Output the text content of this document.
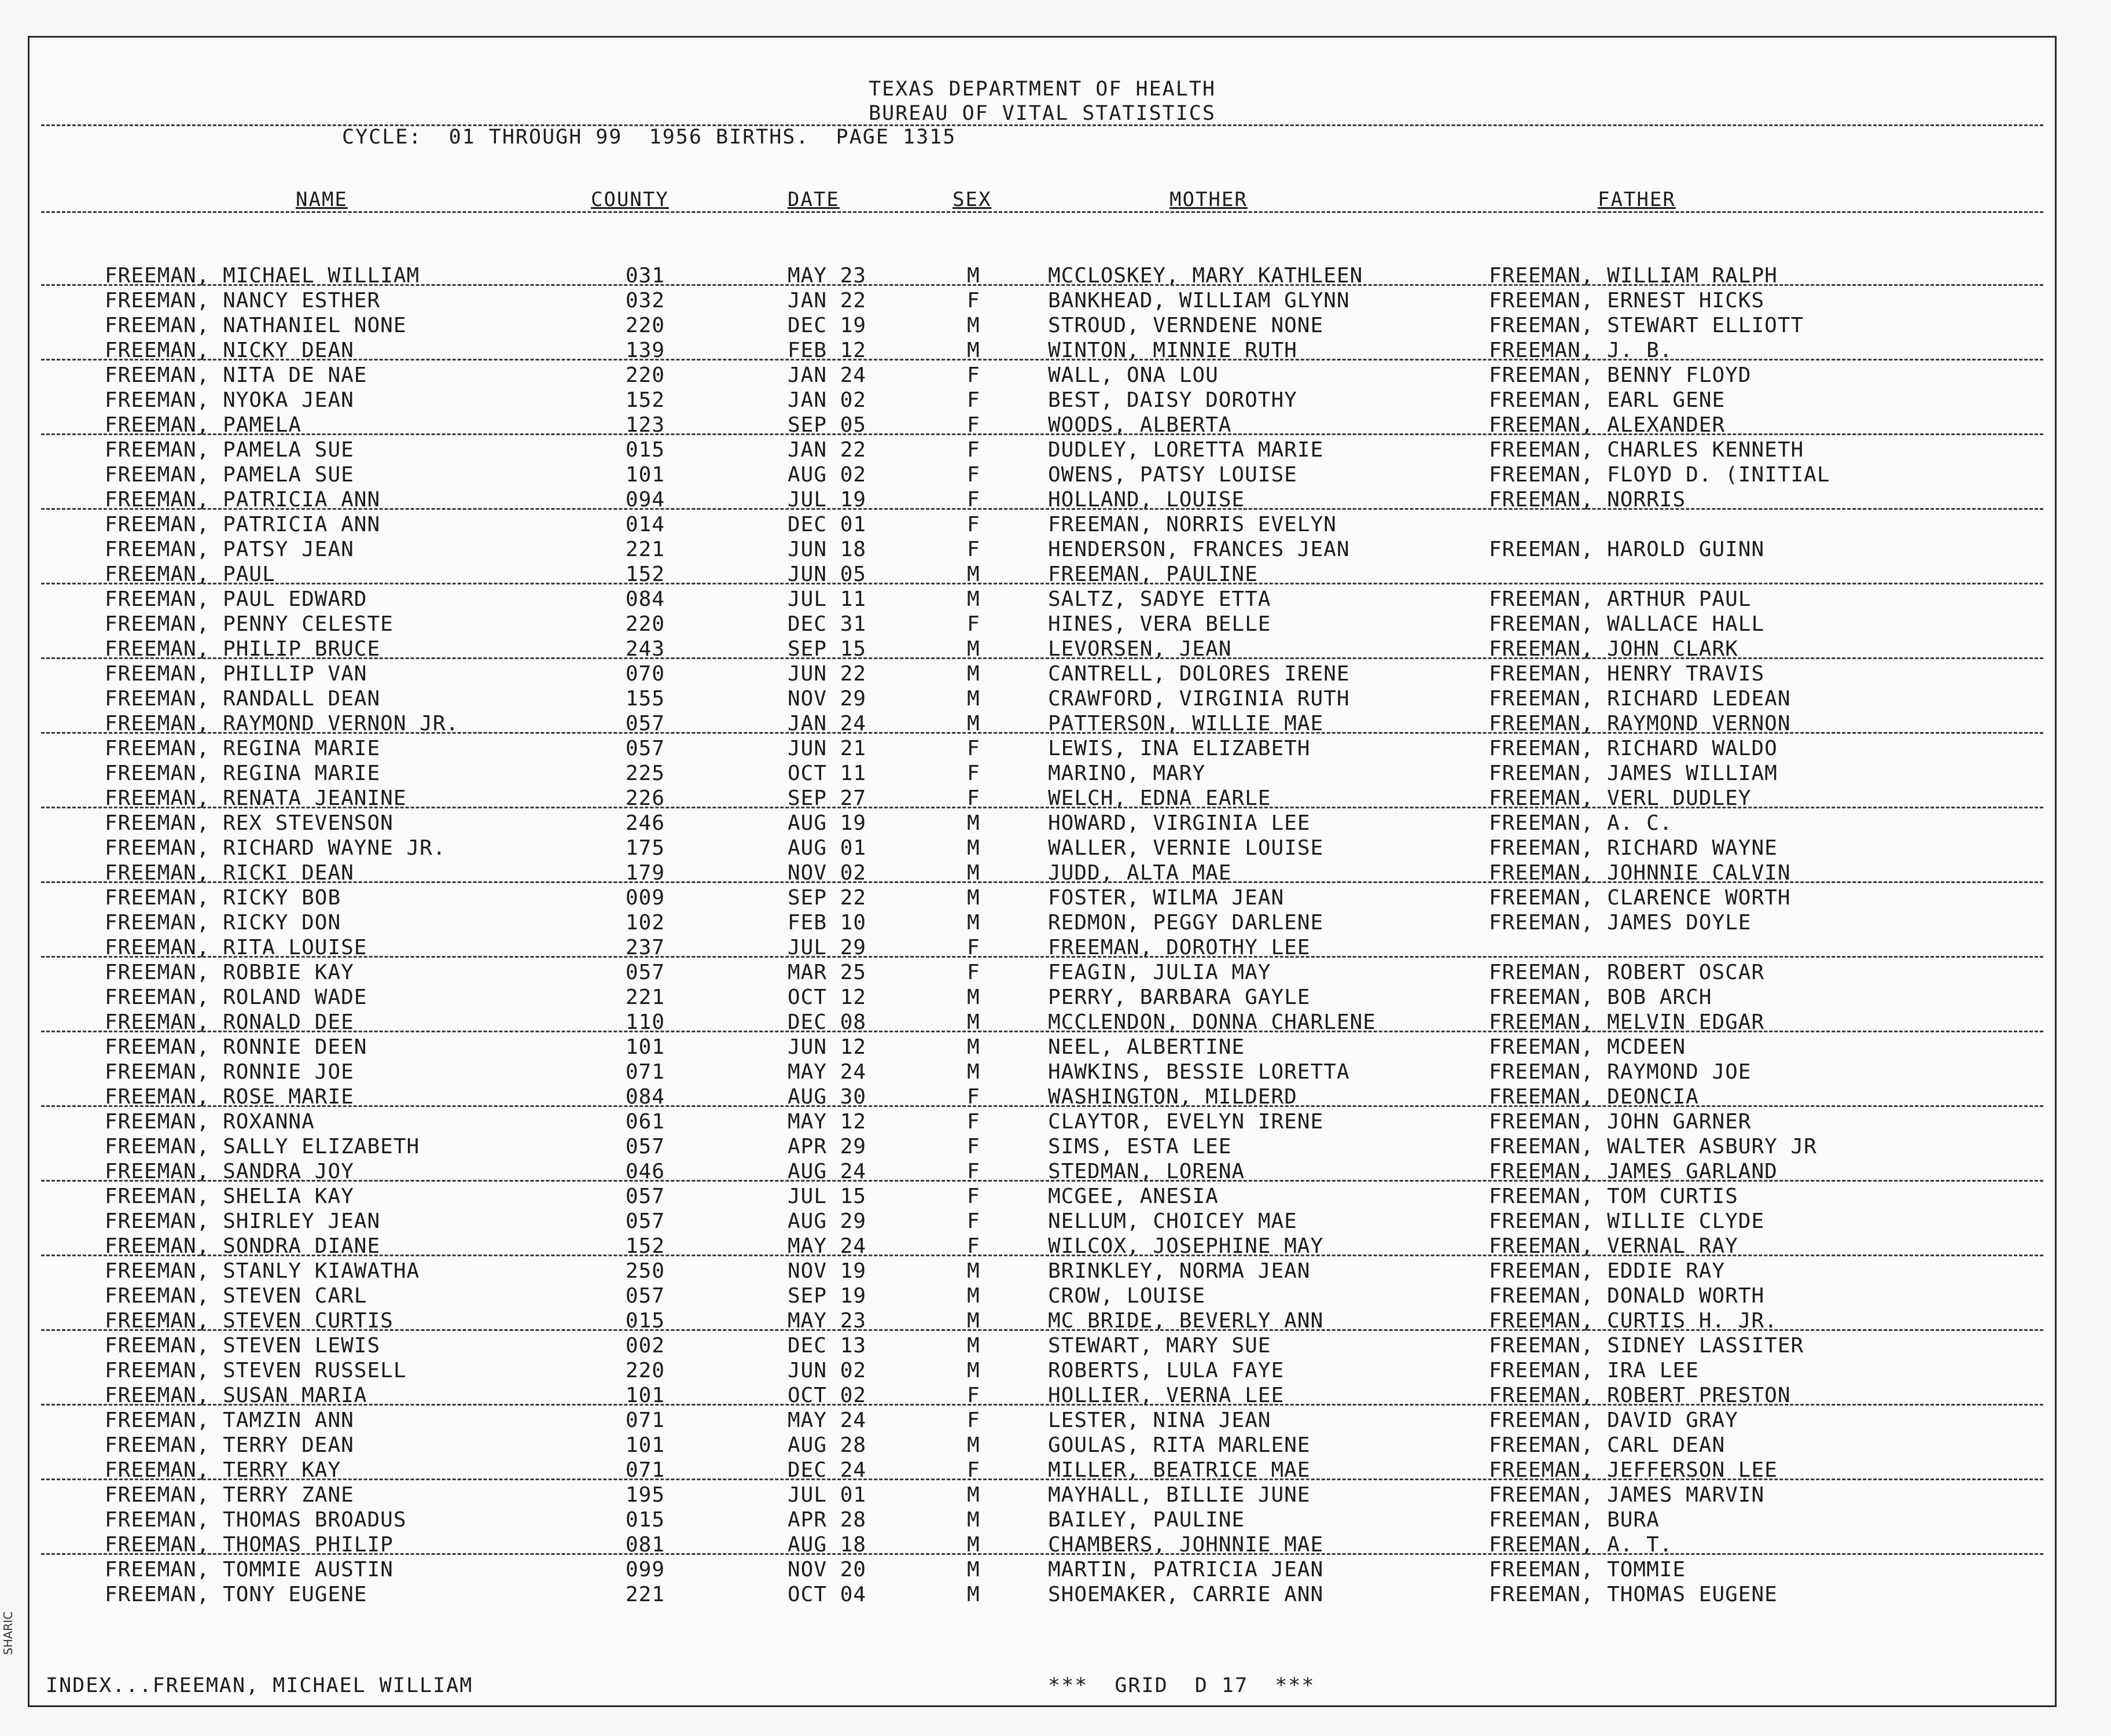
TEXAS DEPARTMENT OF HEALTH
BUREAU OF VITAL STATISTICS
CYCLE:  01 THROUGH 99  1956 BIRTHS.  PAGE 1315
NAME	COUNTY	DATE	SEX	MOTHER	FATHER
FREEMAN, MICHAEL WILLIAM	031	MAY 23	M	MCCLOSKEY, MARY KATHLEEN	FREEMAN, WILLIAM RALPH
FREEMAN, NANCY ESTHER	032	JAN 22	F	BANKHEAD, WILLIAM GLYNN	FREEMAN, ERNEST HICKS
FREEMAN, NATHANIEL NONE	220	DEC 19	M	STROUD, VERNDENE NONE	FREEMAN, STEWART ELLIOTT
FREEMAN, NICKY DEAN	139	FEB 12	M	WINTON, MINNIE RUTH	FREEMAN, J. B.
FREEMAN, NITA DE NAE	220	JAN 24	F	WALL, ONA LOU	FREEMAN, BENNY FLOYD
FREEMAN, NYOKA JEAN	152	JAN 02	F	BEST, DAISY DOROTHY	FREEMAN, EARL GENE
FREEMAN, PAMELA	123	SEP 05	F	WOODS, ALBERTA	FREEMAN, ALEXANDER
FREEMAN, PAMELA SUE	015	JAN 22	F	DUDLEY, LORETTA MARIE	FREEMAN, CHARLES KENNETH
FREEMAN, PAMELA SUE	101	AUG 02	F	OWENS, PATSY LOUISE	FREEMAN, FLOYD D. (INITIAL
FREEMAN, PATRICIA ANN	094	JUL 19	F	HOLLAND, LOUISE	FREEMAN, NORRIS
FREEMAN, PATRICIA ANN	014	DEC 01	F	FREEMAN, NORRIS EVELYN
FREEMAN, PATSY JEAN	221	JUN 18	F	HENDERSON, FRANCES JEAN	FREEMAN, HAROLD GUINN
FREEMAN, PAUL	152	JUN 05	M	FREEMAN, PAULINE
FREEMAN, PAUL EDWARD	084	JUL 11	M	SALTZ, SADYE ETTA	FREEMAN, ARTHUR PAUL
FREEMAN, PENNY CELESTE	220	DEC 31	F	HINES, VERA BELLE	FREEMAN, WALLACE HALL
FREEMAN, PHILIP BRUCE	243	SEP 15	M	LEVORSEN, JEAN	FREEMAN, JOHN CLARK
FREEMAN, PHILLIP VAN	070	JUN 22	M	CANTRELL, DOLORES IRENE	FREEMAN, HENRY TRAVIS
FREEMAN, RANDALL DEAN	155	NOV 29	M	CRAWFORD, VIRGINIA RUTH	FREEMAN, RICHARD LEDEAN
FREEMAN, RAYMOND VERNON JR.	057	JAN 24	M	PATTERSON, WILLIE MAE	FREEMAN, RAYMOND VERNON
FREEMAN, REGINA MARIE	057	JUN 21	F	LEWIS, INA ELIZABETH	FREEMAN, RICHARD WALDO
FREEMAN, REGINA MARIE	225	OCT 11	F	MARINO, MARY	FREEMAN, JAMES WILLIAM
FREEMAN, RENATA JEANINE	226	SEP 27	F	WELCH, EDNA EARLE	FREEMAN, VERL DUDLEY
FREEMAN, REX STEVENSON	246	AUG 19	M	HOWARD, VIRGINIA LEE	FREEMAN, A. C.
FREEMAN, RICHARD WAYNE JR.	175	AUG 01	M	WALLER, VERNIE LOUISE	FREEMAN, RICHARD WAYNE
FREEMAN, RICKI DEAN	179	NOV 02	M	JUDD, ALTA MAE	FREEMAN, JOHNNIE CALVIN
FREEMAN, RICKY BOB	009	SEP 22	M	FOSTER, WILMA JEAN	FREEMAN, CLARENCE WORTH
FREEMAN, RICKY DON	102	FEB 10	M	REDMON, PEGGY DARLENE	FREEMAN, JAMES DOYLE
FREEMAN, RITA LOUISE	237	JUL 29	F	FREEMAN, DOROTHY LEE
FREEMAN, ROBBIE KAY	057	MAR 25	F	FEAGIN, JULIA MAY	FREEMAN, ROBERT OSCAR
FREEMAN, ROLAND WADE	221	OCT 12	M	PERRY, BARBARA GAYLE	FREEMAN, BOB ARCH
FREEMAN, RONALD DEE	110	DEC 08	M	MCCLENDON, DONNA CHARLENE	FREEMAN, MELVIN EDGAR
FREEMAN, RONNIE DEEN	101	JUN 12	M	NEEL, ALBERTINE	FREEMAN, MCDEEN
FREEMAN, RONNIE JOE	071	MAY 24	M	HAWKINS, BESSIE LORETTA	FREEMAN, RAYMOND JOE
FREEMAN, ROSE MARIE	084	AUG 30	F	WASHINGTON, MILDERD	FREEMAN, DEONCIA
FREEMAN, ROXANNA	061	MAY 12	F	CLAYTOR, EVELYN IRENE	FREEMAN, JOHN GARNER
FREEMAN, SALLY ELIZABETH	057	APR 29	F	SIMS, ESTA LEE	FREEMAN, WALTER ASBURY JR
FREEMAN, SANDRA JOY	046	AUG 24	F	STEDMAN, LORENA	FREEMAN, JAMES GARLAND
FREEMAN, SHELIA KAY	057	JUL 15	F	MCGEE, ANESIA	FREEMAN, TOM CURTIS
FREEMAN, SHIRLEY JEAN	057	AUG 29	F	NELLUM, CHOICEY MAE	FREEMAN, WILLIE CLYDE
FREEMAN, SONDRA DIANE	152	MAY 24	F	WILCOX, JOSEPHINE MAY	FREEMAN, VERNAL RAY
FREEMAN, STANLY KIAWATHA	250	NOV 19	M	BRINKLEY, NORMA JEAN	FREEMAN, EDDIE RAY
FREEMAN, STEVEN CARL	057	SEP 19	M	CROW, LOUISE	FREEMAN, DONALD WORTH
FREEMAN, STEVEN CURTIS	015	MAY 23	M	MC BRIDE, BEVERLY ANN	FREEMAN, CURTIS H. JR.
FREEMAN, STEVEN LEWIS	002	DEC 13	M	STEWART, MARY SUE	FREEMAN, SIDNEY LASSITER
FREEMAN, STEVEN RUSSELL	220	JUN 02	M	ROBERTS, LULA FAYE	FREEMAN, IRA LEE
FREEMAN, SUSAN MARIA	101	OCT 02	F	HOLLIER, VERNA LEE	FREEMAN, ROBERT PRESTON
FREEMAN, TAMZIN ANN	071	MAY 24	F	LESTER, NINA JEAN	FREEMAN, DAVID GRAY
FREEMAN, TERRY DEAN	101	AUG 28	M	GOULAS, RITA MARLENE	FREEMAN, CARL DEAN
FREEMAN, TERRY KAY	071	DEC 24	F	MILLER, BEATRICE MAE	FREEMAN, JEFFERSON LEE
FREEMAN, TERRY ZANE	195	JUL 01	M	MAYHALL, BILLIE JUNE	FREEMAN, JAMES MARVIN
FREEMAN, THOMAS BROADUS	015	APR 28	M	BAILEY, PAULINE	FREEMAN, BURA
FREEMAN, THOMAS PHILIP	081	AUG 18	M	CHAMBERS, JOHNNIE MAE	FREEMAN, A. T.
FREEMAN, TOMMIE AUSTIN	099	NOV 20	M	MARTIN, PATRICIA JEAN	FREEMAN, TOMMIE
FREEMAN, TONY EUGENE	221	OCT 04	M	SHOEMAKER, CARRIE ANN	FREEMAN, THOMAS EUGENE
INDEX...FREEMAN, MICHAEL WILLIAM	***  GRID  D 17  ***
SHARIC
